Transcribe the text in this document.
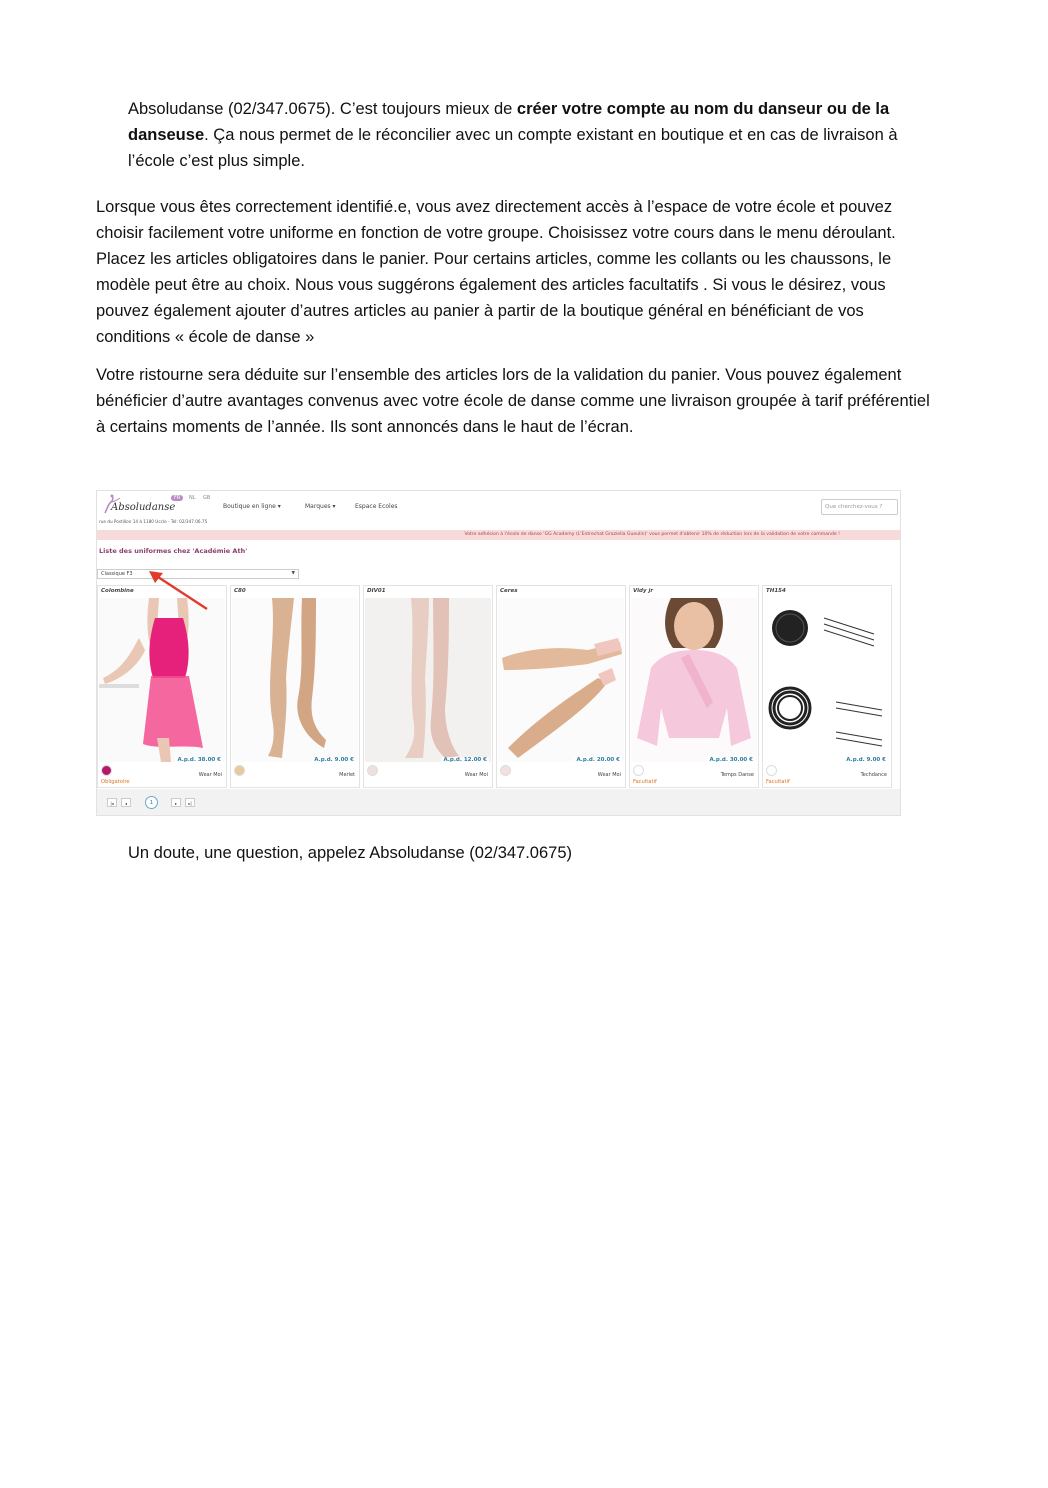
Absoludanse (02/347.0675). C’est toujours mieux de créer votre compte au nom du danseur ou de la danseuse. Ça nous permet de le réconcilier avec un compte existant en boutique et en cas de livraison à l’école c’est plus simple.
Lorsque vous êtes correctement identifié.e, vous avez directement accès à l’espace de votre école et pouvez choisir facilement votre uniforme en fonction de votre groupe. Choisissez votre cours dans le menu déroulant. Placez les articles obligatoires dans le panier. Pour certains articles, comme les collants ou les chaussons, le modèle peut être au choix. Nous vous suggérons également des articles facultatifs . Si vous le désirez, vous pouvez également ajouter d’autres articles au panier à partir de la boutique général en bénéficiant de vos conditions « école de danse »
Votre ristourne sera déduite sur l’ensemble des articles lors de la validation du panier. Vous pouvez également bénéficier d’autre avantages convenus avec votre école de danse comme une livraison groupée à tarif préférentiel à certains moments de l’année. Ils sont annoncés dans le haut de l’écran.
Absoludanse
rue du Postillon 14 à 1180 Uccle - Tel: 02/347.06.75
FR	NL GB
Boutique en ligne ▾	Marques ▾	Espace Ecoles	Que cherchez-vous ?
Votre adhésion à l'école de danse 'GG Academy (L'Entrechat Graziella Gueulin)' vous permet d'obtenir 10% de réduction lors de la validation de votre commande !
Liste des uniformes chez 'Académie Ath'
Classique F3	▼
Colombine
A.p.d. 38.00 €
Wear Moi
Obligatoire
C80
A.p.d. 9.00 €
Merlet
DIV01
A.p.d. 12.00 €
Wear Moi
Ceres
A.p.d. 20.00 €
Wear Moi
Vidy jr
A.p.d. 30.00 €
Temps Danse
Facultatif
TH154
A.p.d. 9.00 €
Techdance
Facultatif
|◂	◂	1	▸	▸|
Un doute, une question, appelez Absoludanse (02/347.0675)
